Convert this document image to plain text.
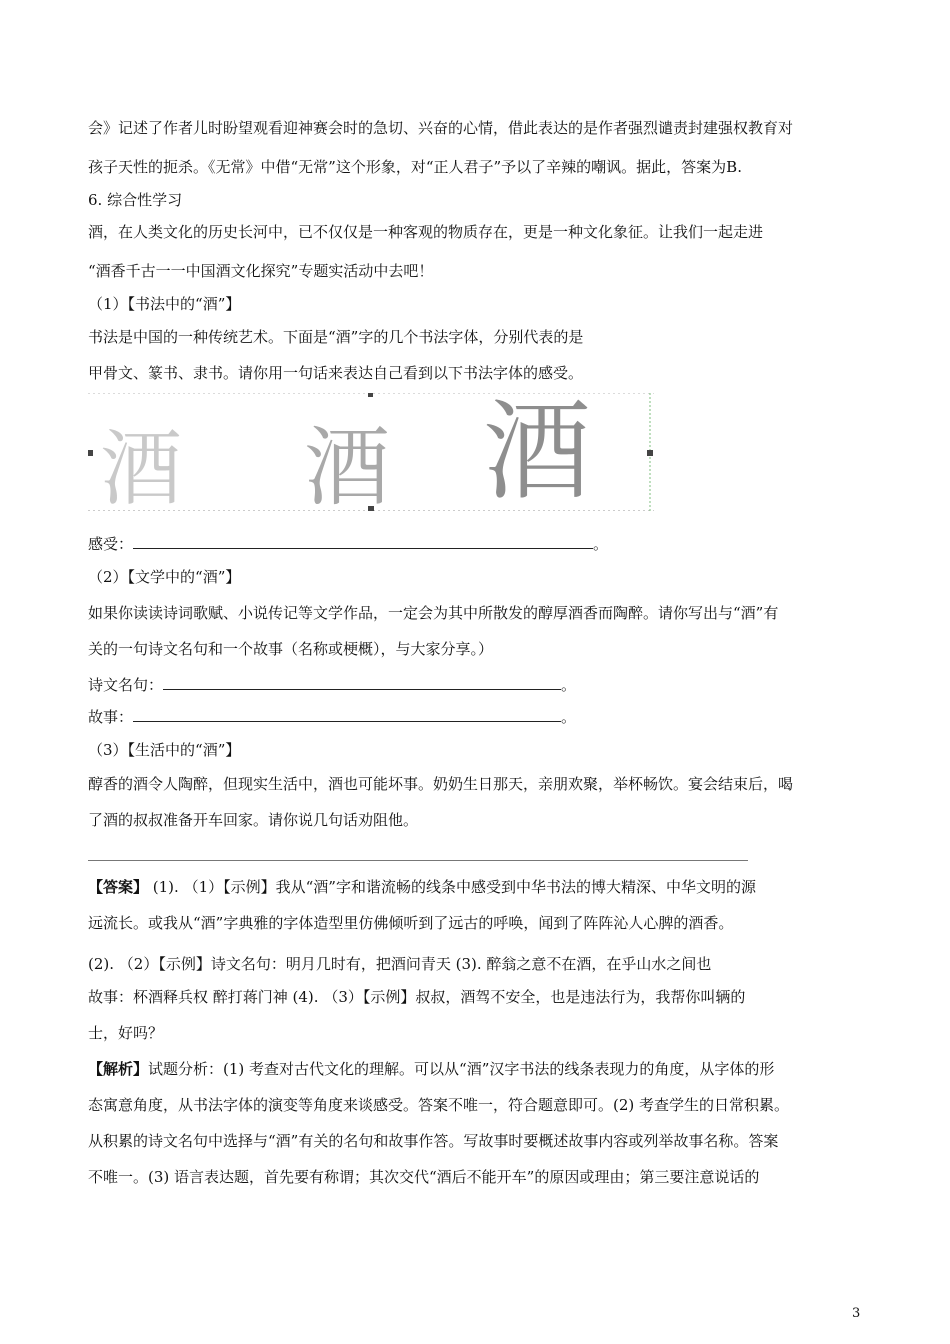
会》记述了作者儿时盼望观看迎神赛会时的急切、兴奋的心情，借此表达的是作者强烈谴责封建强权教育对
孩子天性的扼杀。《无常》中借“无常”这个形象，对“正人君子”予以了辛辣的嘲讽。据此，答案为B.
6. 综合性学习
酒，在人类文化的历史长河中，已不仅仅是一种客观的物质存在，更是一种文化象征。让我们一起走进
“酒香千古一一中国酒文化探究”专题实活动中去吧！
（1）【书法中的“酒”】
书法是中国的一种传统艺术。下面是“酒”字的几个书法字体，分别代表的是
甲骨文、篆书、隶书。请你用一句话来表达自己看到以下书法字体的感受。
酒 酒 酒
感受：	。
（2）【文学中的“酒”】
如果你读读诗词歌赋、小说传记等文学作品，一定会为其中所散发的醇厚酒香而陶醉。请你写出与“酒”有
关的一句诗文名句和一个故事（名称或梗概），与大家分享。）
诗文名句：	。
故事：	。
（3）【生活中的“酒”】
醇香的酒令人陶醉，但现实生活中，酒也可能坏事。奶奶生日那天，亲朋欢聚，举杯畅饮。宴会结束后，喝
了酒的叔叔准备开车回家。请你说几句话劝阻他。
【答案】 (1). （1）【示例】我从“酒”字和谐流畅的线条中感受到中华书法的博大精深、中华文明的源
远流长。或我从“酒”字典雅的字体造型里仿佛倾听到了远古的呼唤，闻到了阵阵沁人心脾的酒香。
(2). （2）【示例】诗文名句：明月几时有，把酒问青天 (3). 醉翁之意不在酒，在乎山水之间也
故事：杯酒释兵权 醉打蒋门神 (4). （3）【示例】叔叔，酒驾不安全，也是违法行为，我帮你叫辆的
士，好吗？
【解析】试题分析：(1) 考查对古代文化的理解。可以从“酒”汉字书法的线条表现力的角度，从字体的形
态寓意角度，从书法字体的演变等角度来谈感受。答案不唯一，符合题意即可。(2) 考查学生的日常积累。
从积累的诗文名句中选择与“酒”有关的名句和故事作答。写故事时要概述故事内容或列举故事名称。答案
不唯一。(3) 语言表达题，首先要有称谓；其次交代“酒后不能开车”的原因或理由；第三要注意说话的
3
